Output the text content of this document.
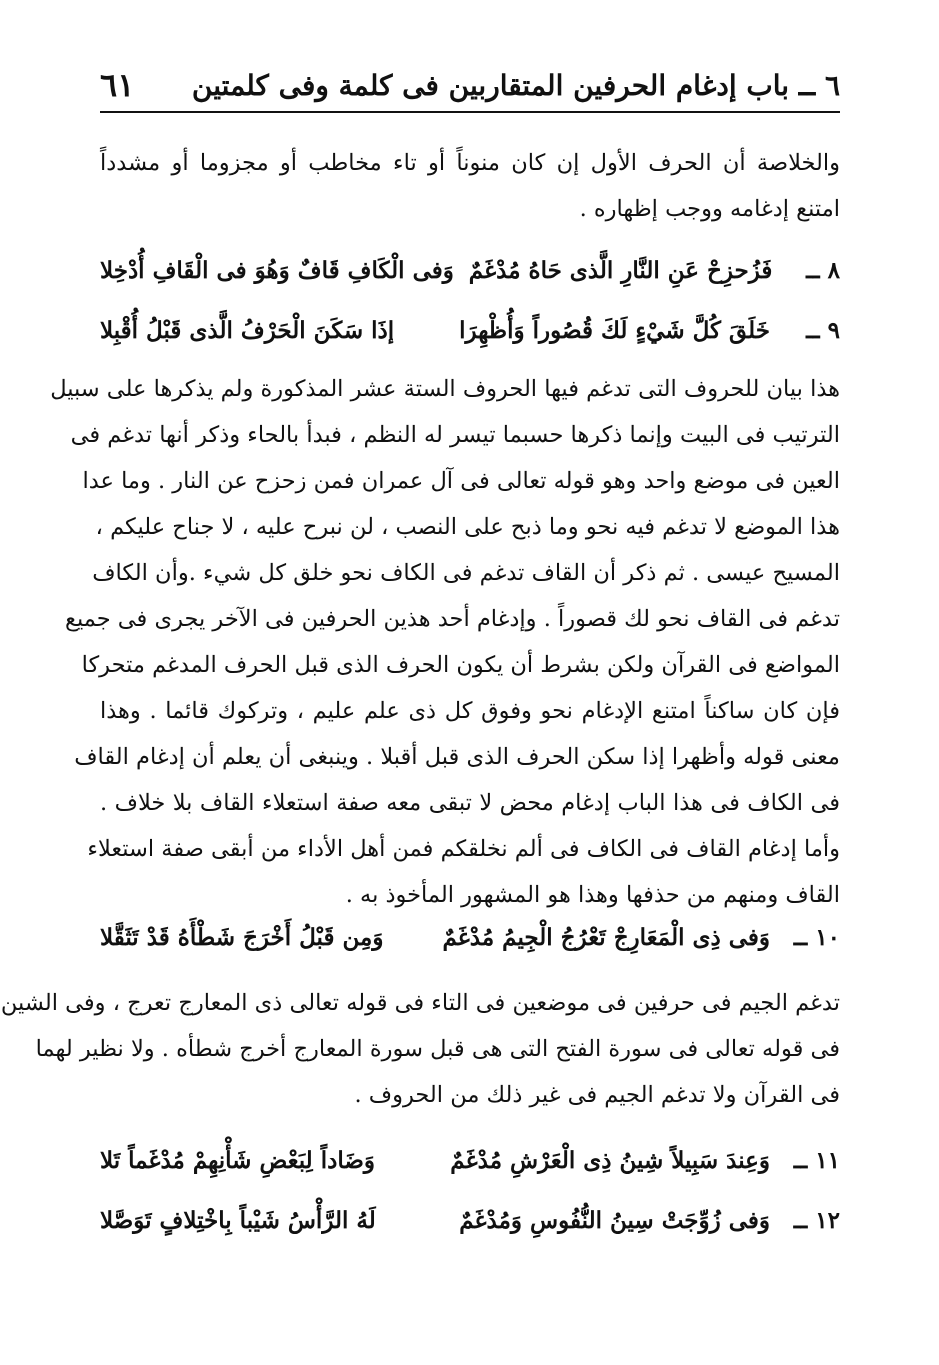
٦ ــ باب إدغام الحرفين المتقاربين فى كلمة وفى كلمتين
٦١
والخلاصة أن الحرف الأول إن كان منوناً أو تاء مخاطب أو مجزوما أو مشدداً
امتنع إدغامه ووجب إظهاره .
٨ ــ
فَزُحزِحْ عَنِ النَّارِ الَّذى حَاهُ مُدْغَمٌ
وَفى الْكَافِ قَافٌ وَهُوَ فى الْقَافِ أُدْخِلا
٩ ــ
خَلَقَ كُلَّ شَيْءٍ لَكَ قُصُوراً وَأُظْهِرَا
إذَا سَكَنَ الْحَرْفُ الَّذى قَبْلُ أُقْبِلا
هذا بيان للحروف التى تدغم فيها الحروف الستة عشر المذكورة ولم يذكرها على سبيل
الترتيب فى البيت وإنما ذكرها حسبما تيسر له النظم ، فبدأ بالحاء وذكر أنها تدغم فى
العين فى موضع واحد وهو قوله تعالى فى آل عمران فمن زحزح عن النار . وما عدا
هذا الموضع لا تدغم فيه نحو وما ذبح على النصب ، لن نبرح عليه ، لا جناح عليكم ،
المسيح عيسى . ثم ذكر أن القاف تدغم فى الكاف نحو خلق كل شيء .وأن الكاف
تدغم فى القاف نحو لك قصوراً . وإدغام أحد هذين الحرفين فى الآخر يجرى فى جميع
المواضع فى القرآن ولكن بشرط أن يكون الحرف الذى قبل الحرف المدغم متحركا
فإن كان ساكناً امتنع الإدغام نحو وفوق كل ذى علم عليم ، وتركوك قائما . وهذا
معنى قوله وأظهرا إذا سكن الحرف الذى قبل أقبلا . وينبغى أن يعلم أن إدغام القاف
فى الكاف فى هذا الباب إدغام محض لا تبقى معه صفة استعلاء القاف بلا خلاف .
وأما إدغام القاف فى الكاف فى ألم نخلقكم فمن أهل الأداء من أبقى صفة استعلاء
القاف ومنهم من حذفها وهذا هو المشهور المأخوذ به .
١٠ ــ
وَفى ذِى الْمَعَارِجْ تَعْرُجُ الْجِيمُ مُدْغَمٌ
وَمِن قَبْلُ أَخْرَجَ شَطْأَهُ قَدْ تَثَقَّلا
تدغم الجيم فى حرفين فى موضعين فى التاء فى قوله تعالى ذى المعارج تعرج ، وفى الشين
فى قوله تعالى فى سورة الفتح التى هى قبل سورة المعارج أخرج شطأه . ولا نظير لهما
فى القرآن ولا تدغم الجيم فى غير ذلك من الحروف .
١١ ــ
وَعِندَ سَبِيلاً شِينُ ذِى الْعَرْشِ مُدْغَمٌ
وَضَاداً لِبَعْضِ شَأْنِهِمْ مُدْغَماً تَلا
١٢ ــ
وَفى زُوِّجَتْ سِينُ النُّفُوسِ وَمُدْغَمٌ
لَهُ الرَّأْسُ شَيْباً بِاخْتِلافٍ تَوَصَّلا
